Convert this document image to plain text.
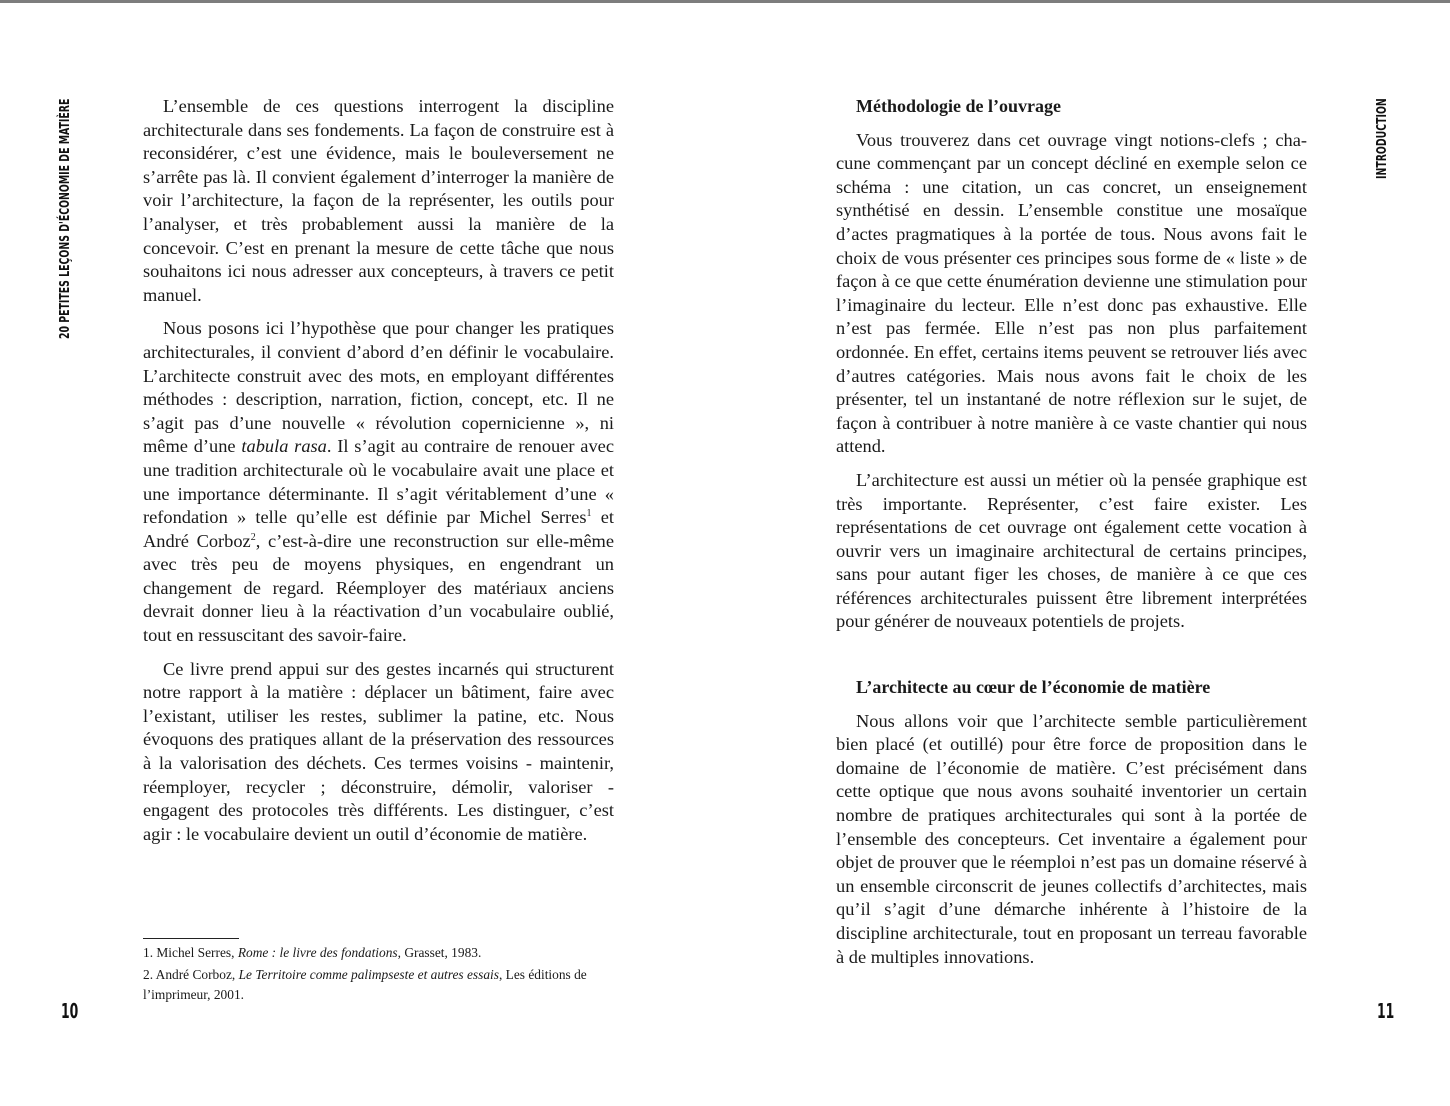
20 PETITES LEÇONS D'ÉCONOMIE DE MATIÈRE	L’ensemble de ces questions interrogent la discipline architecturale dans ses fondements. La façon de construire est à reconsidérer, c’est une évidence, mais le bouleversement ne s’arrête pas là. Il convient également d’interroger la manière de voir l’architecture, la façon de la représenter, les outils pour l’analyser, et très probablement aussi la manière de la concevoir. C’est en prenant la mesure de cette tâche que nous souhaitons ici nous adresser aux concepteurs, à travers ce petit manuel.

Nous posons ici l’hypothèse que pour changer les pratiques architecturales, il convient d’abord d’en définir le vocabulaire. L’architecte construit avec des mots, en employant différentes méthodes : description, narration, fiction, concept, etc. Il ne s’agit pas d’une nouvelle « révolution copernicienne », ni même d’une tabula rasa. Il s’agit au contraire de renouer avec une tradition architecturale où le vocabulaire avait une place et une importance déterminante. Il s’agit véritablement d’une « refondation » telle qu’elle est définie par Michel Serres$^1$ et André Corboz$^2$, c’est-à-dire une reconstruction sur elle-même avec très peu de moyens physiques, en engendrant un changement de regard. Réemployer des matériaux anciens devrait donner lieu à la réactivation d’un vocabulaire oublié, tout en ressuscitant des savoir-faire.

Ce livre prend appui sur des gestes incarnés qui structurent notre rapport à la matière : déplacer un bâtiment, faire avec l’existant, utiliser les restes, sublimer la patine, etc. Nous évoquons des pratiques allant de la préservation des ressources à la valorisation des déchets. Ces termes voisins - maintenir, réemployer, recycler ; déconstruire, démolir, valoriser - engagent des protocoles très différents. Les distinguer, c’est agir : le vocabulaire devient un outil d’économie de matière.

1. Michel Serres, Rome : le livre des fondations, Grasset, 1983.
2. André Corboz, Le Territoire comme palimpseste et autres essais, Les éditions de l’imprimeur, 2001.
10
INTRODUCTION
Méthodologie de l’ouvrage

Vous trouverez dans cet ouvrage vingt notions-clefs ; chacune commençant par un concept décliné en exemple selon ce schéma : une citation, un cas concret, un enseignement synthétisé en dessin. L’ensemble constitue une mosaïque d’actes pragmatiques à la portée de tous. Nous avons fait le choix de vous présenter ces principes sous forme de « liste » de façon à ce que cette énumération devienne une stimulation pour l’imaginaire du lecteur. Elle n’est donc pas exhaustive. Elle n’est pas fermée. Elle n’est pas non plus parfaitement ordonnée. En effet, certains items peuvent se retrouver liés avec d’autres catégories. Mais nous avons fait le choix de les présenter, tel un instantané de notre réflexion sur le sujet, de façon à contribuer à notre manière à ce vaste chantier qui nous attend.

L’architecture est aussi un métier où la pensée graphique est très importante. Représenter, c’est faire exister. Les représentations de cet ouvrage ont également cette vocation à ouvrir vers un imaginaire architectural de certains principes, sans pour autant figer les choses, de manière à ce que ces références architecturales puissent être librement interprétées pour générer de nouveaux potentiels de projets.

L’architecte au cœur de l’économie de matière

Nous allons voir que l’architecte semble particulièrement bien placé (et outillé) pour être force de proposition dans le domaine de l’économie de matière. C’est précisément dans cette optique que nous avons souhaité inventorier un certain nombre de pratiques architecturales qui sont à la portée de l’ensemble des concepteurs. Cet inventaire a également pour objet de prouver que le réemploi n’est pas un domaine réservé à un ensemble circonscrit de jeunes collectifs d’architectes, mais qu’il s’agit d’une démarche inhérente à l’histoire de la discipline architecturale, tout en proposant un terreau favorable à de multiples innovations.

11
